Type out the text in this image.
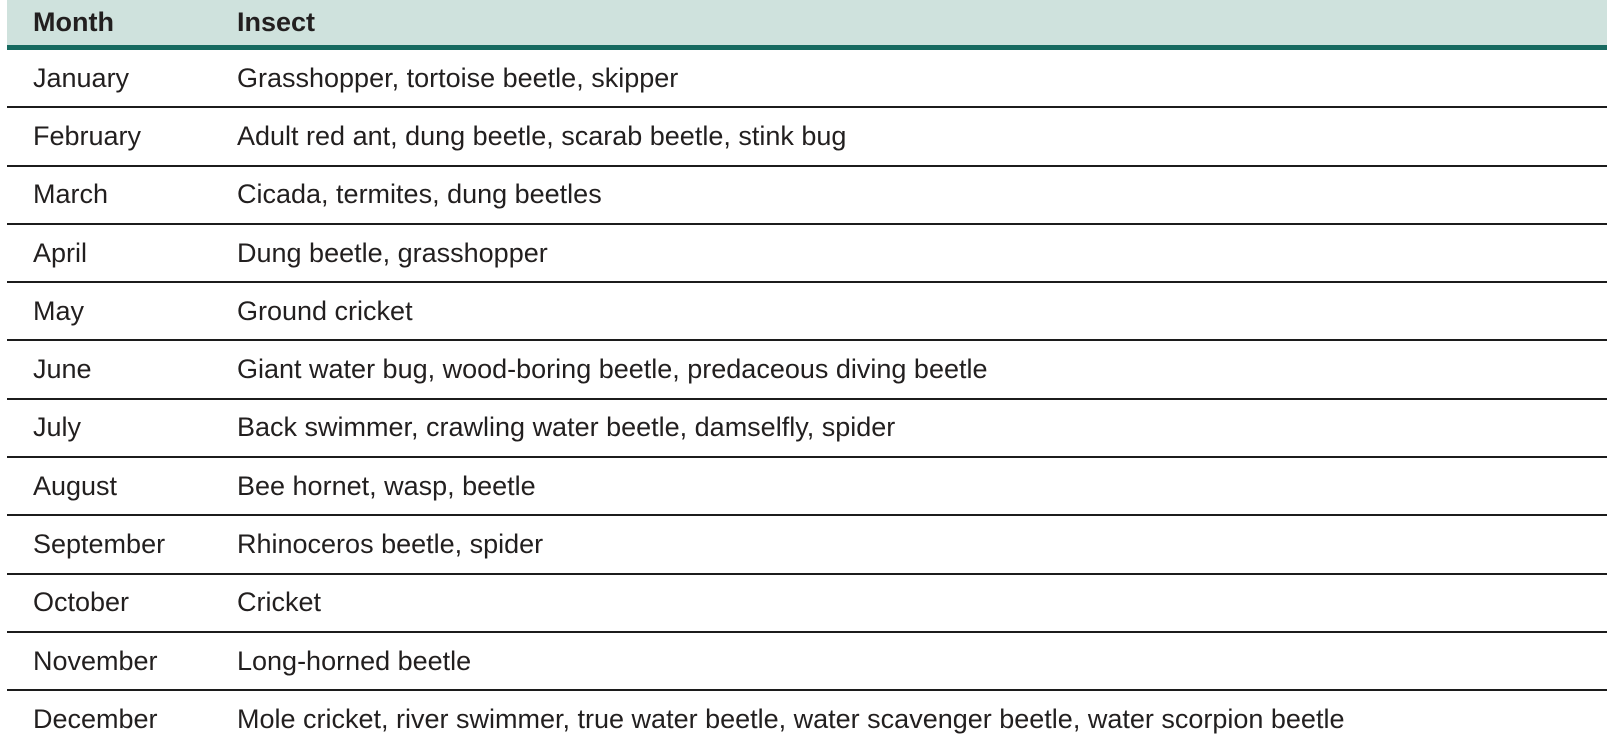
Month	Insect
January	Grasshopper, tortoise beetle, skipper
February	Adult red ant, dung beetle, scarab beetle, stink bug
March	Cicada, termites, dung beetles
April	Dung beetle, grasshopper
May	Ground cricket
June	Giant water bug, wood-boring beetle, predaceous diving beetle
July	Back swimmer, crawling water beetle, damselfly, spider
August	Bee hornet, wasp, beetle
September	Rhinoceros beetle, spider
October	Cricket
November	Long-horned beetle
December	Mole cricket, river swimmer, true water beetle, water scavenger beetle, water scorpion beetle
